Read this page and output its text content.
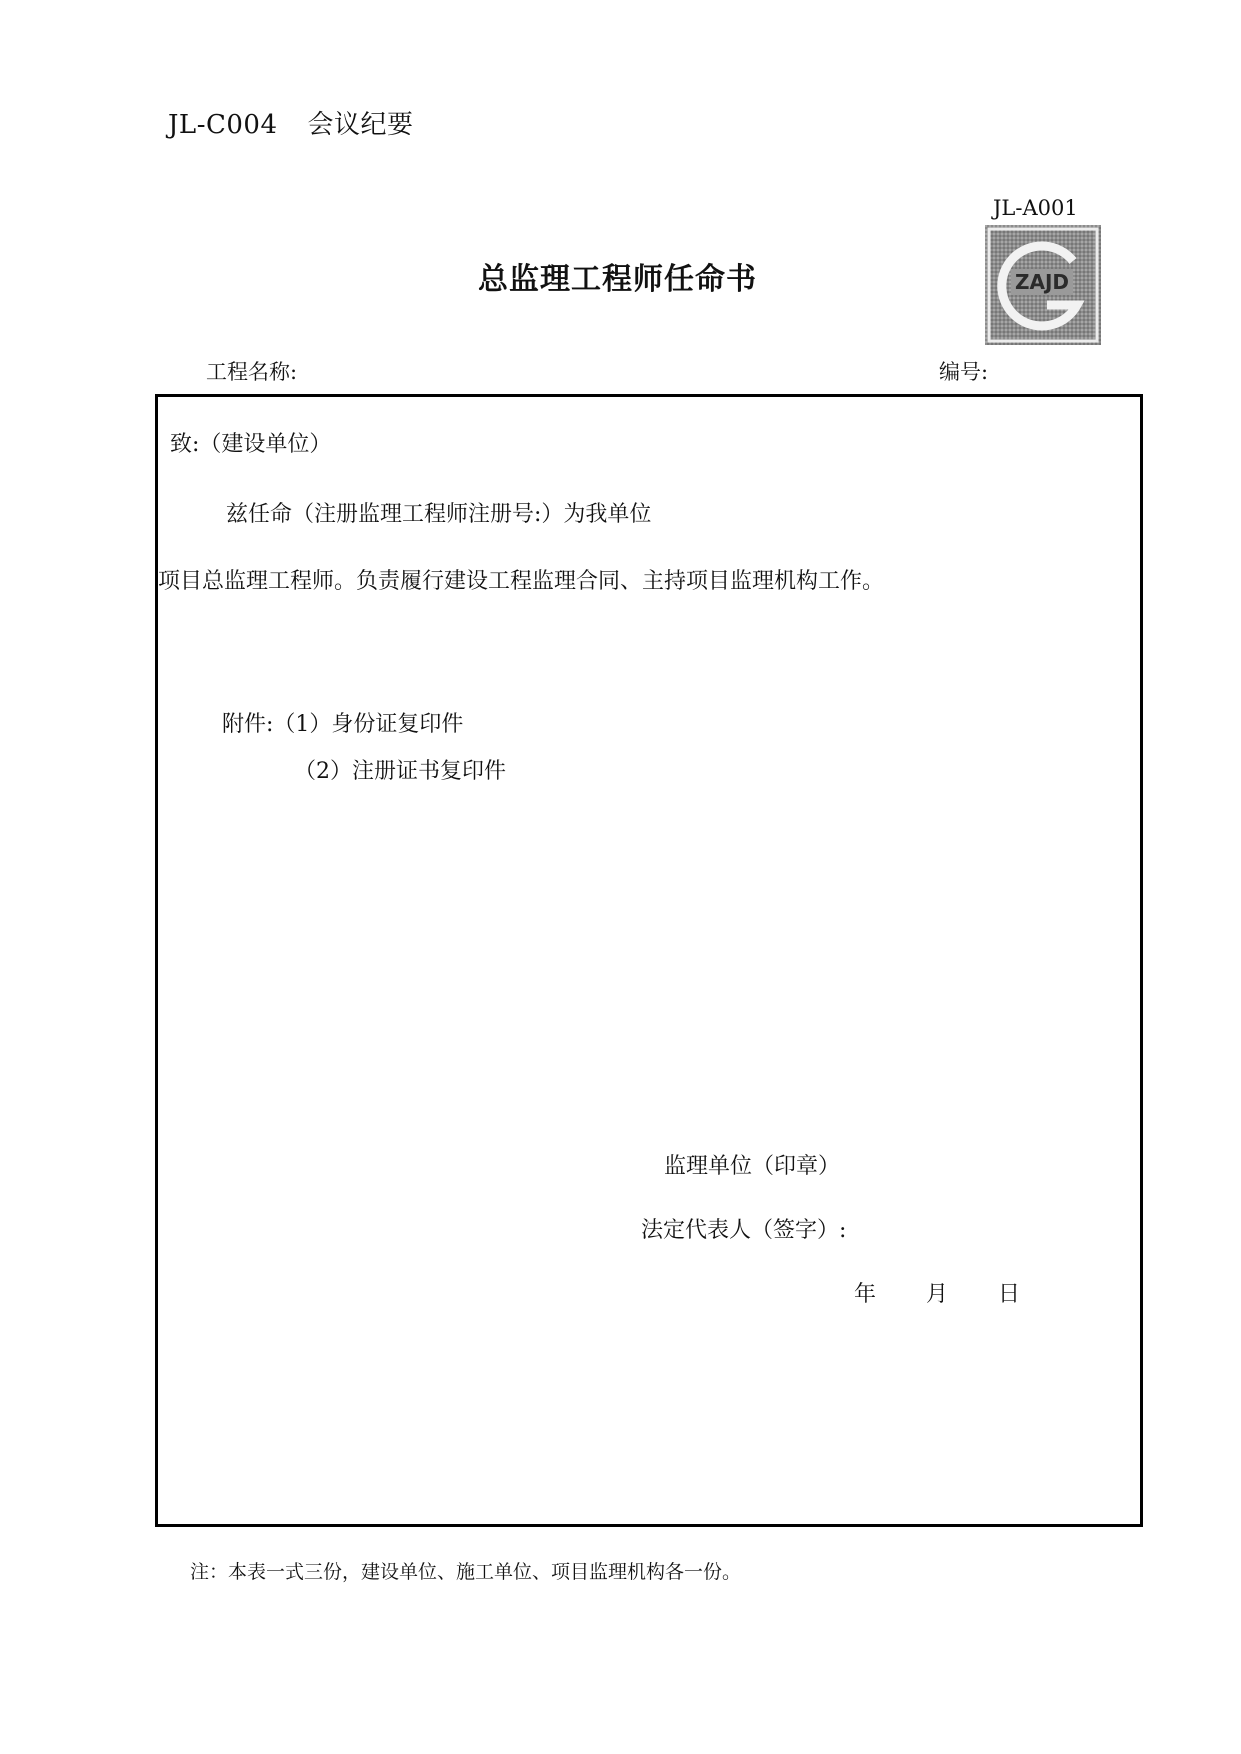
JL-C004 会议纪要
JL-A001
ZAJD
总监理工程师任命书
工程名称:	编号:
致:（建设单位）
兹任命（注册监理工程师注册号:）为我单位
项目总监理工程师。负责履行建设工程监理合同、主持项目监理机构工作。
附件:（1）身份证复印件
（2）注册证书复印件
监理单位（印章）
法定代表人（签字）:
年 月 日
注：本表一式三份，建设单位、施工单位、项目监理机构各一份。
